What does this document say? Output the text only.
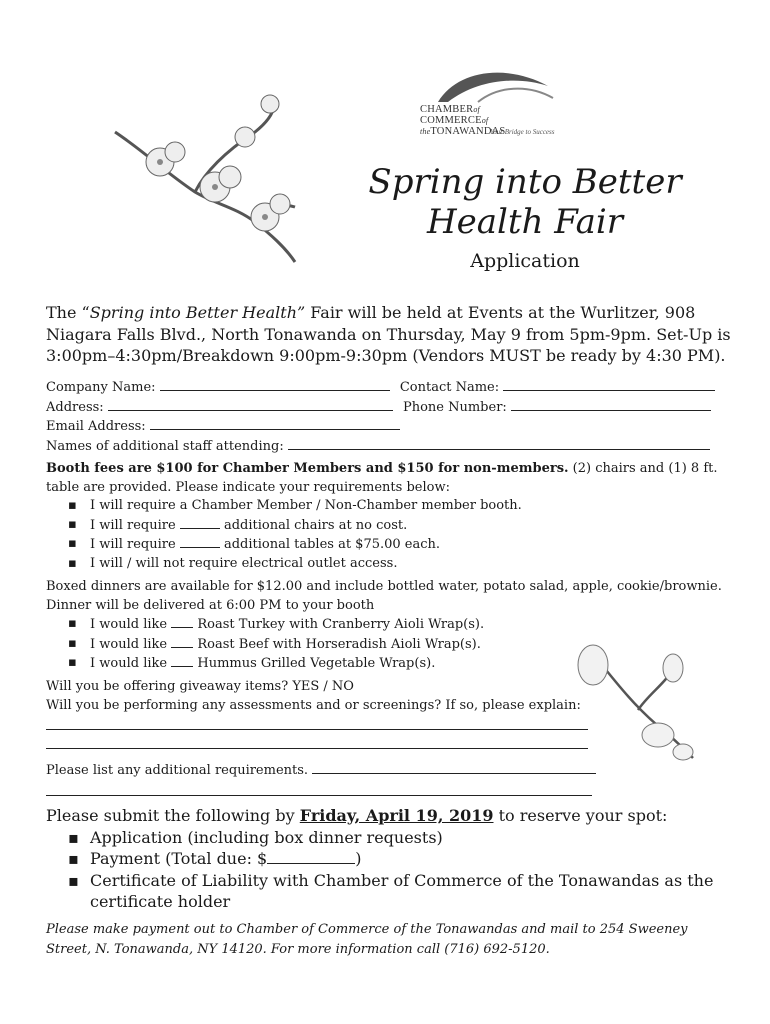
CHAMBERof
COMMERCEof theTONAWANDAS
Your Bridge to Success
Spring into Better
Health Fair
Application
The “Spring into Better Health” Fair will be held at Events at the Wurlitzer, 908 Niagara Falls Blvd., North Tonawanda on Thursday, May 9 from 5pm-9pm. Set-Up is 3:00pm–4:30pm/Breakdown 9:00pm-9:30pm (Vendors MUST be ready by 4:30 PM).
Company Name:	Contact Name:
Address:	Phone Number:
Email Address:
Names of additional staff attending:
Booth fees are $100 for Chamber Members and $150 for non-members. (2) chairs and (1) 8 ft. table are provided. Please indicate your requirements below:
▪ I will require a Chamber Member / Non-Chamber member booth.
▪ I will require	additional chairs at no cost.
▪ I will require	additional tables at $75.00 each.
▪ I will / will not require electrical outlet access.
Boxed dinners are available for $12.00 and include bottled water, potato salad, apple, cookie/brownie.
Dinner will be delivered at 6:00 PM to your booth
▪ I would like  Roast Turkey with Cranberry Aioli Wrap(s).
▪ I would like  Roast Beef with Horseradish Aioli Wrap(s).
▪ I would like  Hummus Grilled Vegetable Wrap(s).
Will you be offering giveaway items? YES / NO
Will you be performing any assessments and or screenings? If so, please explain:
Please list any additional requirements.
Please submit the following by Friday, April 19, 2019 to reserve your spot:
▪ Application (including box dinner requests)
▪ Payment (Total due: $	)
▪ Certificate of Liability with Chamber of Commerce of the Tonawandas as the certificate holder
Please make payment out to Chamber of Commerce of the Tonawandas and mail to 254 Sweeney Street, N. Tonawanda, NY 14120. For more information call (716) 692-5120.
